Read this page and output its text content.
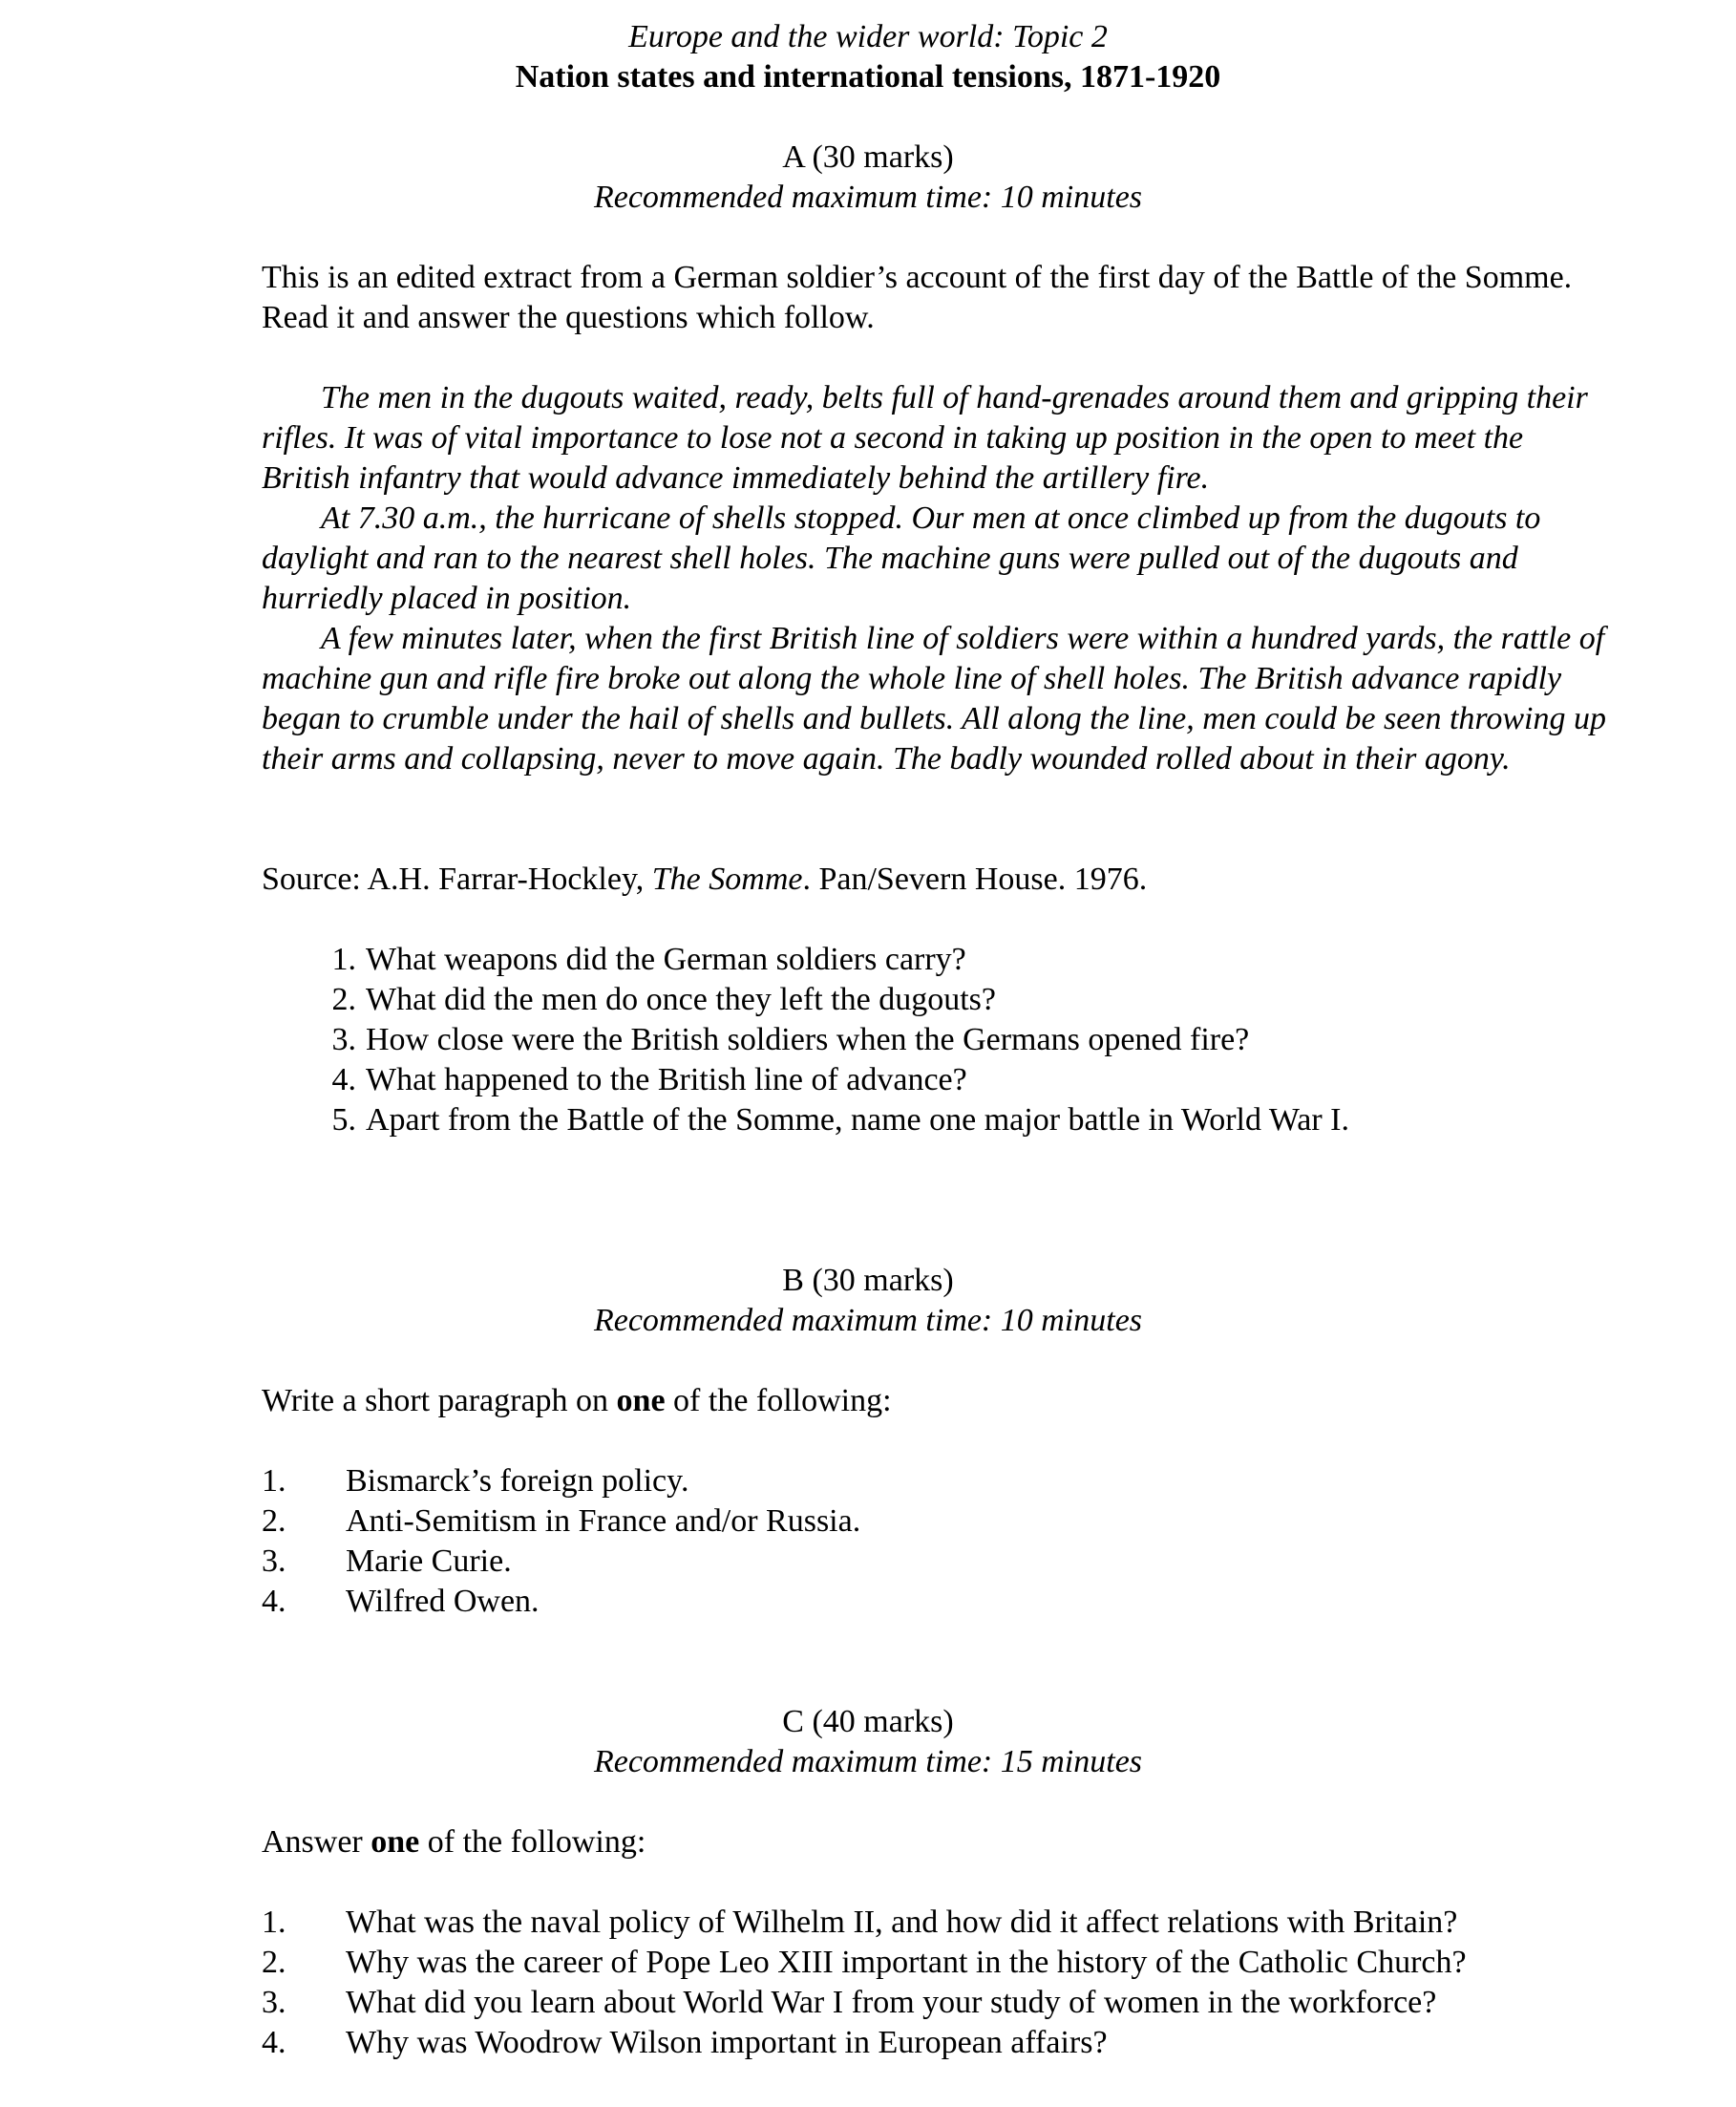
Europe and the wider world: Topic 2
Nation states and international tensions, 1871-1920
A (30 marks)
Recommended maximum time: 10 minutes
This is an edited extract from a German soldier’s account of the first day of the Battle of the Somme. Read it and answer the questions which follow.

The men in the dugouts waited, ready, belts full of hand-grenades around them and gripping their rifles. It was of vital importance to lose not a second in taking up position in the open to meet the British infantry that would advance immediately behind the artillery fire.

At 7.30 a.m., the hurricane of shells stopped. Our men at once climbed up from the dugouts to daylight and ran to the nearest shell holes. The machine guns were pulled out of the dugouts and hurriedly placed in position.

A few minutes later, when the first British line of soldiers were within a hundred yards, the rattle of machine gun and rifle fire broke out along the whole line of shell holes. The British advance rapidly began to crumble under the hail of shells and bullets. All along the line, men could be seen throwing up their arms and collapsing, never to move again. The badly wounded rolled about in their agony.

Source: A.H. Farrar-Hockley, The Somme. Pan/Severn House. 1976.
1. What weapons did the German soldiers carry?
2. What did the men do once they left the dugouts?
3. How close were the British soldiers when the Germans opened fire?
4. What happened to the British line of advance?
5. Apart from the Battle of the Somme, name one major battle in World War I.
B (30 marks)
Recommended maximum time: 10 minutes
Write a short paragraph on one of the following:
1. Bismarck’s foreign policy.
2. Anti-Semitism in France and/or Russia.
3. Marie Curie.
4. Wilfred Owen.
C (40 marks)
Recommended maximum time: 15 minutes
Answer one of the following:
1. What was the naval policy of Wilhelm II, and how did it affect relations with Britain?
2. Why was the career of Pope Leo XIII important in the history of the Catholic Church?
3. What did you learn about World War I from your study of women in the workforce?
4. Why was Woodrow Wilson important in European affairs?
